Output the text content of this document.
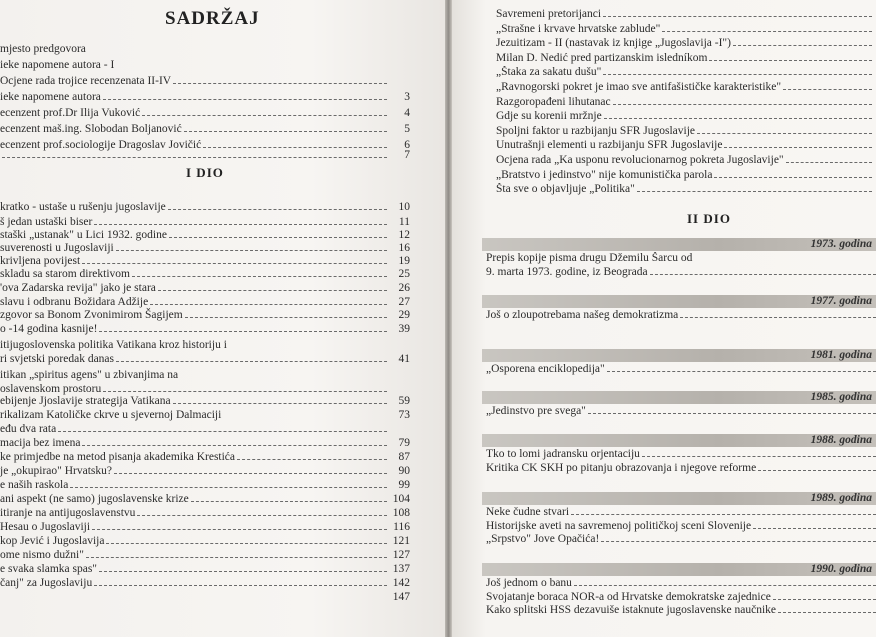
SADRŽAJ
mjesto predgovora
ieke napomene autora - I
Ocjene rada trojice recenzenata II-IV
ieke napomene autora	3
ecenzent prof.Dr Ilija Vuković	4
ecenzent maš.ing. Slobodan Boljanović	5
ecenzent prof.sociologije Dragoslav Jovičić	6
7
I DIO
kratko - ustaše u rušenju jugoslavije	10
š jedan ustaški biser	11
staški „ustanak" u Lici 1932. godine	12
suverenosti u Jugoslaviji	16
krivljena povijest	19
skladu sa starom direktivom	25
'ova Zadarska revija" jako je stara	26
slavu i odbranu Božidara Adžije	27
zgovor sa Bonom Zvonimirom Šagijem	29
o -14 godina kasnije!	39
itijugoslovenska politika Vatikana kroz historiju i
ri svjetski poredak danas	41
itikan „spiritus agens" u zbivanjima na
oslavenskom prostoru
ebijenje Jjoslavije strategija Vatikana	59
rikalizam Katoličke ckrve u sjevernoj Dalmaciji	73
eđu dva rata
macija bez imena	79
ke primjedbe na metod pisanja akademika Krestića	87
je „okupirao" Hrvatsku?	90
e naših raskola	99
ani aspekt (ne samo) jugoslavenske krize	104
itiranje na antijugoslavenstvu	108
Hesau o Jugoslaviji	116
kop Jević i Jugoslavija	121
ome nismo dužni"	127
e svaka slamka spas"	137
čanj" za Jugoslaviju	142
147
Savremeni pretorijanci
„Strašne i krvave hrvatske zablude"
Jezuitizam - II (nastavak iz knjige „Jugoslavija -I")
Milan D. Nedić pred partizanskim isledníkom
„Štaka za sakatu dušu"
„Ravnogorski pokret je imao sve antifašističke karakteristike"
Razgoropađeni lihutanac
Gdje su korenii mržnje
Spoljni faktor u razbijanju SFR Jugoslavije
Unutrašnji elementi u razbijanju SFR Jugoslavije
Ocjena rada „Ka usponu revolucionarnog pokreta Jugoslavije"
„Bratstvo i jedinstvo" nije komunistička parola
Šta sve o objavljuje „Politika"
II DIO
1973. godina
Prepis kopije pisma drugu Džemilu Šarcu od
9. marta 1973. godine, iz Beograda
1977. godina
Još o zloupotrebama našeg demokratizma
1981. godina
„Osporena enciklopedija"
1985. godina
„Jedinstvo pre svega"
1988. godina
Tko to lomi jadransku orjentaciju
Kritika CK SKH po pitanju obrazovanja i njegove reforme
1989. godina
Neke čudne stvari
Historijske aveti na savremenoj političkoj sceni Slovenije
„Srpstvo" Jove Opačića!
1990. godina
Još jednom o banu
Svojatanje boraca NOR-a od Hrvatske demokratske zajednice
Kako splitski HSS dezavuiše istaknute jugoslavenske naučnike
